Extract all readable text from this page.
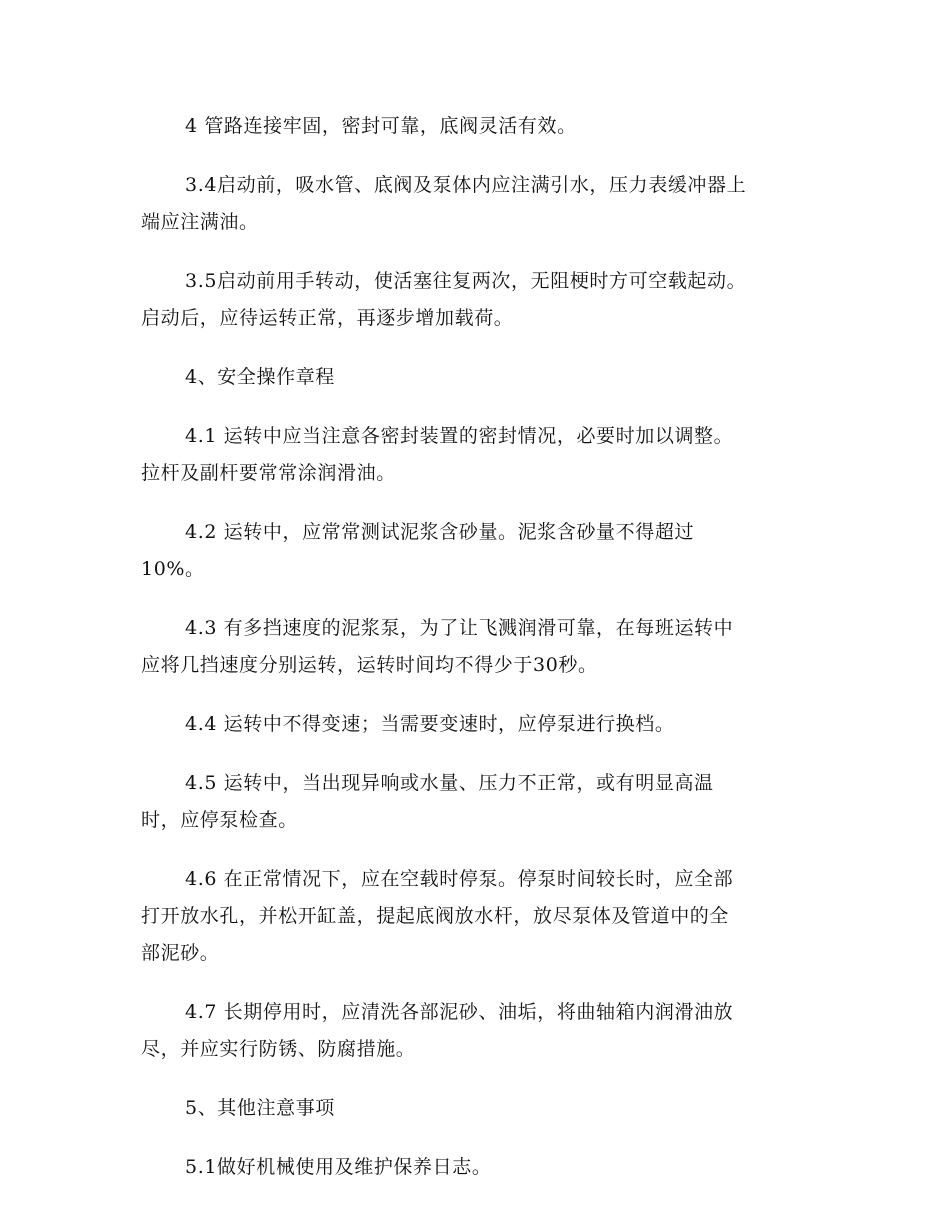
4 管路连接牢固，密封可靠，底阀灵活有效。

3.4启动前，吸水管、底阀及泵体内应注满引水，压力表缓冲器上
端应注满油。

3.5启动前用手转动，使活塞往复两次，无阻梗时方可空载起动。
启动后，应待运转正常，再逐步增加载荷。

4、安全操作章程

4.1 运转中应当注意各密封装置的密封情况，必要时加以调整。
拉杆及副杆要常常涂润滑油。

4.2 运转中，应常常测试泥浆含砂量。泥浆含砂量不得超过
10%。

4.3 有多挡速度的泥浆泵，为了让飞溅润滑可靠，在每班运转中
应将几挡速度分别运转，运转时间均不得少于30秒。

4.4 运转中不得变速；当需要变速时，应停泵进行换档。

4.5 运转中，当出现异响或水量、压力不正常，或有明显高温
时，应停泵检查。

4.6 在正常情况下，应在空载时停泵。停泵时间较长时，应全部
打开放水孔，并松开缸盖，提起底阀放水杆，放尽泵体及管道中的全
部泥砂。

4.7 长期停用时，应清洗各部泥砂、油垢，将曲轴箱内润滑油放
尽，并应实行防锈、防腐措施。

5、其他注意事项

5.1做好机械使用及维护保养日志。
